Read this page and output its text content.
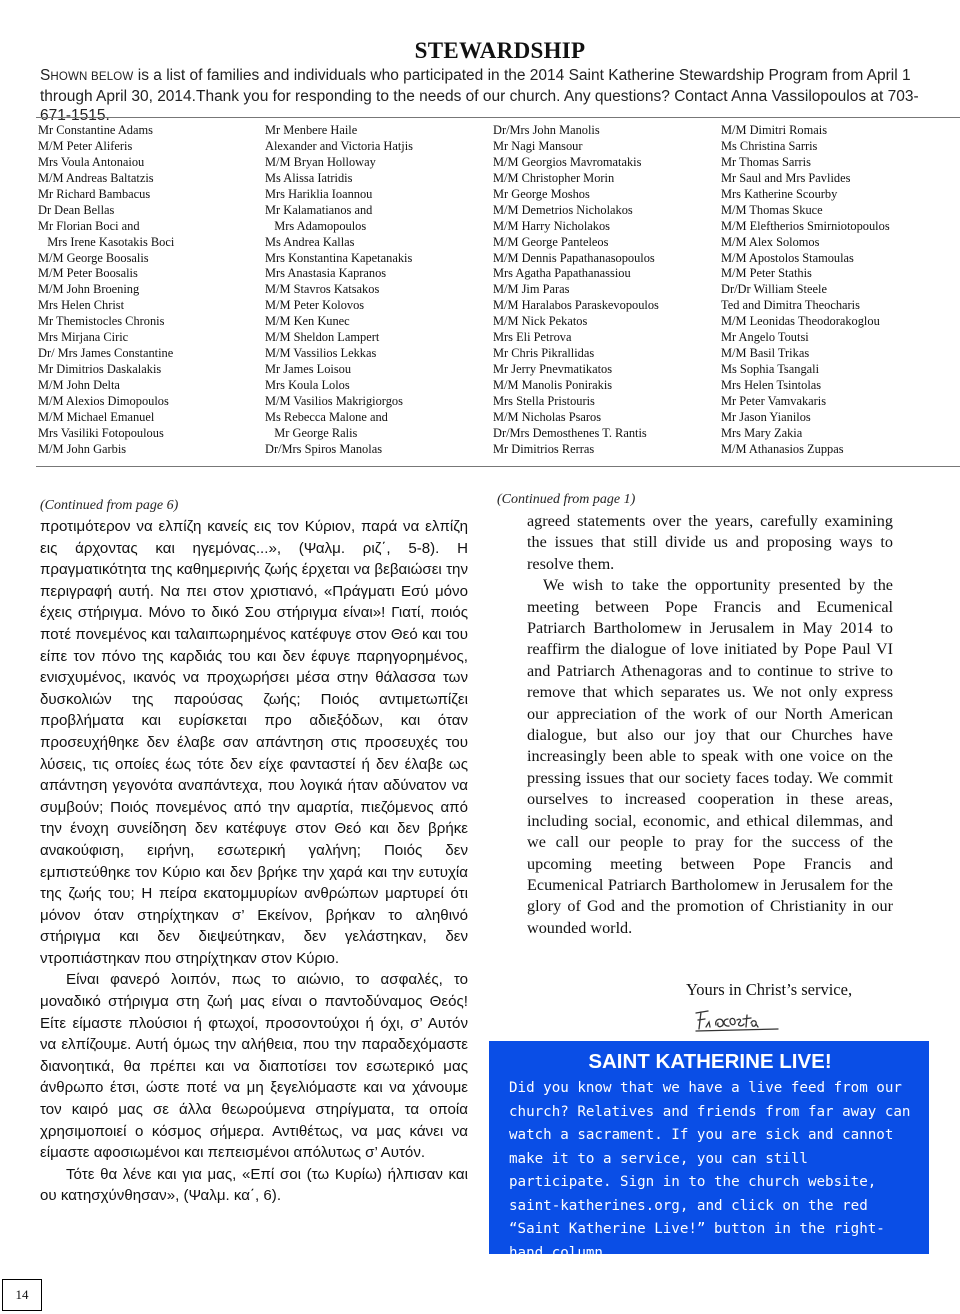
STEWARDSHIP
SHOWN BELOW is a list of families and individuals who participated in the 2014 Saint Katherine Stewardship Program from April 1 through April 30, 2014.Thank you for responding to the needs of our church. Any questions? Contact Anna Vassilopoulos at 703-671-1515.
Mr Constantine Adams
M/M Peter Aliferis
Mrs Voula Antonaiou
M/M Andreas Baltatzis
Mr Richard Bambacus
Dr Dean Bellas
Mr Florian Boci and
Mrs Irene Kasotakis Boci
M/M George Boosalis
M/M Peter Boosalis
M/M John Broening
Mrs Helen Christ
Mr Themistocles Chronis
Mrs Mirjana Ciric
Dr/ Mrs James Constantine
Mr Dimitrios Daskalakis
M/M John Delta
M/M Alexios Dimopoulos
M/M Michael Emanuel
Mrs Vasiliki Fotopoulous
M/M John Garbis
Mr Menbere Haile
Alexander and Victoria Hatjis
M/M Bryan Holloway
Ms Alissa Iatridis
Mrs Hariklia Ioannou
Mr Kalamatianos and
Mrs Adamopoulos
Ms Andrea Kallas
Mrs Konstantina Kapetanakis
Mrs Anastasia Kapranos
M/M Stavros Katsakos
M/M Peter Kolovos
M/M Ken Kunec
M/M Sheldon Lampert
M/M Vassilios Lekkas
Mr James Loisou
Mrs Koula Lolos
M/M Vasilios Makrigiorgos
Ms Rebecca Malone and
Mr George Ralis
Dr/Mrs Spiros Manolas
Dr/Mrs John Manolis
Mr Nagi Mansour
M/M Georgios Mavromatakis
M/M Christopher Morin
Mr George Moshos
M/M Demetrios Nicholakos
M/M Harry Nicholakos
M/M George Panteleos
M/M Dennis Papathanasopoulos
Mrs Agatha Papathanassiou
M/M Jim Paras
M/M Haralabos Paraskevopoulos
M/M Nick Pekatos
Mrs Eli Petrova
Mr Chris Pikrallidas
Mr Jerry Pnevmatikatos
M/M Manolis Ponirakis
Mrs Stella Pristouris
M/M Nicholas Psaros
Dr/Mrs Demosthenes T. Rantis
Mr Dimitrios Rerras
M/M Dimitri Romais
Ms Christina Sarris
Mr Thomas Sarris
Mr Saul and Mrs Pavlides
Mrs Katherine Scourby
M/M Thomas Skuce
M/M Eleftherios Smirniotopoulos
M/M Alex Solomos
M/M Apostolos Stamoulas
M/M Peter Stathis
Dr/Dr William Steele
Ted and Dimitra Theocharis
M/M Leonidas Theodorakoglou
Mr Angelo Toutsi
M/M Basil Trikas
Ms Sophia Tsangali
Mrs Helen Tsintolas
Mr Peter Vamvakaris
Mr Jason Yianilos
Mrs Mary Zakia
M/M Athanasios Zuppas
(Continued from page 6)

προτιμότερον να ελπίζη κανείς εις τον Κύριον, παρά να ελπίζη εις άρχοντας και ηγεμόνας...», (Ψαλμ. ριζ΄, 5-8). Η πραγματικότητα της καθημερινής ζωής έρχεται να βεβαιώσει την περιγραφή αυτή. Να πει στον χριστιανό, «Πράγματι Εσύ μόνο έχεις στήριγμα. Μόνο το δικό Σου στήριγμα είναι»! Γιατί, ποιός ποτέ πονεμένος και ταλαιπωρημένος κατέφυγε στον Θεό και του είπε τον πόνο της καρδιάς του και δεν έφυγε παρηγορημένος, ενισχυμένος, ικανός να προχωρήσει μέσα στην θάλασσα των δυσκολιών της παρούσας ζωής; Ποιός αντιμετωπίζει προβλήματα και ευρίσκεται προ αδιεξόδων, και όταν προσευχήθηκε δεν έλαβε σαν απάντηση στις προσευχές του λύσεις, τις οποίες έως τότε δεν είχε φανταστεί ή δεν έλαβε ως απάντηση γεγονότα αναπάντεχα, που λογικά ήταν αδύνατον να συμβούν; Ποιός πονεμένος από την αμαρτία, πιεζόμενος από την ένοχη συνείδηση δεν κατέφυγε στον Θεό και δεν βρήκε ανακούφιση, ειρήνη, εσωτερική γαλήνη; Ποιός δεν εμπιστεύθηκε τον Κύριο και δεν βρήκε την χαρά και την ευτυχία της ζωής του; Η πείρα εκατομμυρίων ανθρώπων μαρτυρεί ότι μόνον όταν στηρίχτηκαν σ’ Εκείνον, βρήκαν το αληθινό στήριγμα και δεν διεψεύτηκαν, δεν γελάστηκαν, δεν ντροπιάστηκαν που στηρίχτηκαν στον Κύριο.

Είναι φανερό λοιπόν, πως το αιώνιο, το ασφαλές, το μοναδικό στήριγμα στη ζωή μας είναι ο παντοδύναμος Θεός! Είτε είμαστε πλούσιοι ή φτωχοί, προσοντούχοι ή όχι, σ’ Αυτόν να ελπίζουμε. Αυτή όμως την αλήθεια, που την παραδεχόμαστε διανοητικά, θα πρέπει και να διαποτίσει τον εσωτερικό μας άνθρωπο έτσι, ώστε ποτέ να μη ξεγελιόμαστε και να χάνουμε τον καιρό μας σε άλλα θεωρούμενα στηρίγματα, τα οποία χρησιμοποιεί ο κόσμος σήμερα. Αντιθέτως, να μας κάνει να είμαστε αφοσιωμένοι και πεπεισμένοι απόλυτως σ’ Αυτόν.

Τότε θα λένε και για μας, «Επί σοι (τω Κυρίω) ήλπισαν και ου κατησχύνθησαν», (Ψαλμ. κα΄, 6).

(Continued from page 1)

agreed statements over the years, carefully examining the issues that still divide us and proposing ways to resolve them.

We wish to take the opportunity presented by the meeting between Pope Francis and Ecumenical Patriarch Bartholomew in Jerusalem in May 2014 to reaffirm the dialogue of love initiated by Pope Paul VI and Patriarch Athenagoras and to continue to strive to remove that which separates us. We not only express our appreciation of the work of our North American dialogue, but also our joy that our Churches have increasingly been able to speak with one voice on the pressing issues that our society faces today. We commit ourselves to increased cooperation in these areas, including social, economic, and ethical dilemmas, and we call our people to pray for the success of the upcoming meeting between Pope Francis and Ecumenical Patriarch Bartholomew in Jerusalem for the glory of God and the promotion of Christianity in our wounded world.

Yours in Christ’s service,
SAINT KATHERINE LIVE!
Did you know that we have a live feed from our church? Relatives and friends from far away can watch a sacrament. If you are sick and cannot make it to a service, you can still participate. Sign in to the church website, saint-katherines.org, and click on the red “Saint Katherine Live!” button in the right-hand column.
14
